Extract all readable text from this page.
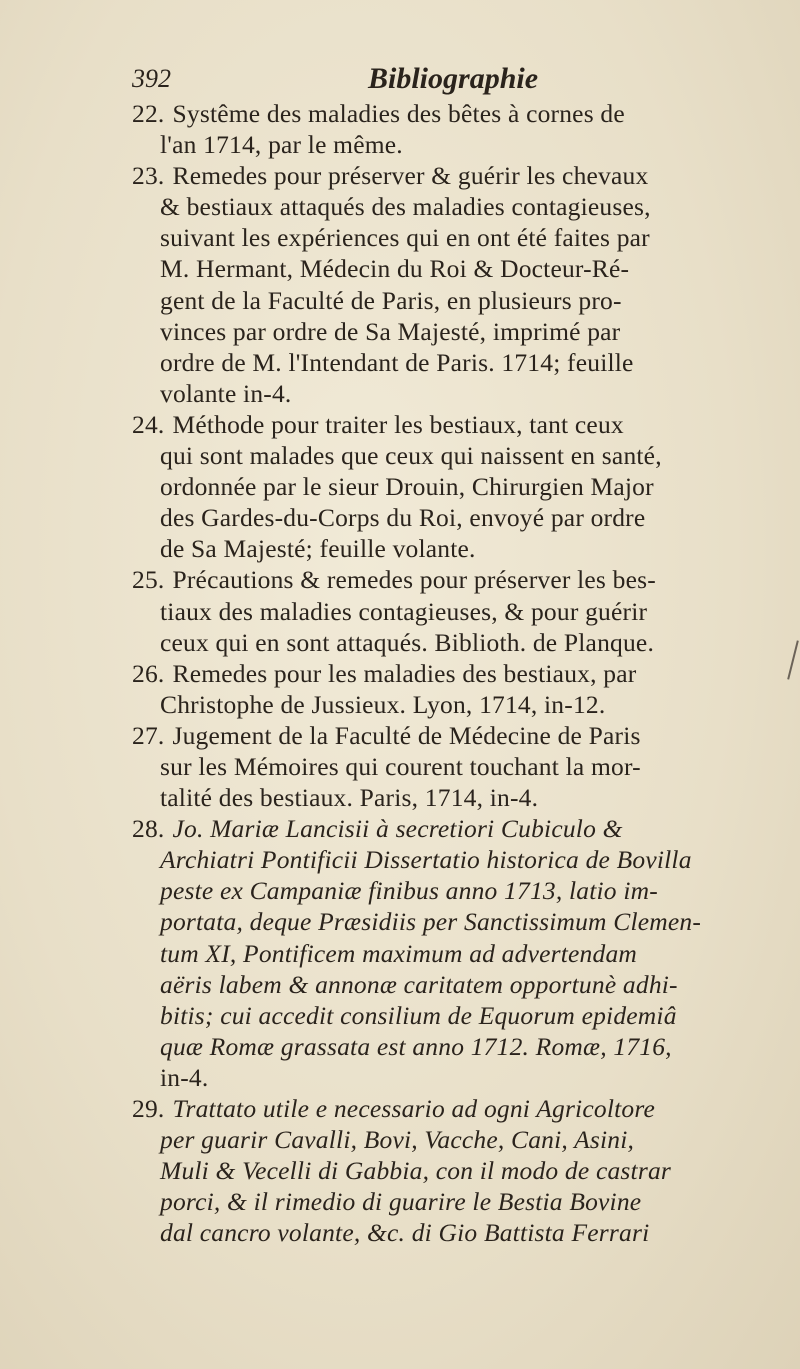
392	Bibliographie
22. Systême des maladies des bêtes à cornes de
l'an 1714, par le même.
23. Remedes pour préserver & guérir les chevaux
& bestiaux attaqués des maladies contagieuses,
suivant les expériences qui en ont été faites par
M. Hermant, Médecin du Roi & Docteur-Ré-
gent de la Faculté de Paris, en plusieurs pro-
vinces par ordre de Sa Majesté, imprimé par
ordre de M. l'Intendant de Paris. 1714; feuille
volante in-4.
24. Méthode pour traiter les bestiaux, tant ceux
qui sont malades que ceux qui naissent en santé,
ordonnée par le sieur Drouin, Chirurgien Major
des Gardes-du-Corps du Roi, envoyé par ordre
de Sa Majesté; feuille volante.
25. Précautions & remedes pour préserver les bes-
tiaux des maladies contagieuses, & pour guérir
ceux qui en sont attaqués. Biblioth. de Planque.
26. Remedes pour les maladies des bestiaux, par
Christophe de Jussieux. Lyon, 1714, in-12.
27. Jugement de la Faculté de Médecine de Paris
sur les Mémoires qui courent touchant la mor-
talité des bestiaux. Paris, 1714, in-4.
28. Jo. Mariæ Lancisii à secretiori Cubiculo &
Archiatri Pontificii Dissertatio historica de Bovilla
peste ex Campaniæ finibus anno 1713, latio im-
portata, deque Præsidiis per Sanctissimum Clemen-
tum XI, Pontificem maximum ad advertendam
aëris labem & annonæ caritatem opportunè adhi-
bitis; cui accedit consilium de Equorum epidemiâ
quæ Romæ grassata est anno 1712. Romæ, 1716,
in-4.
29. Trattato utile e necessario ad ogni Agricoltore
per guarir Cavalli, Bovi, Vacche, Cani, Asini,
Muli & Vecelli di Gabbia, con il modo de castrar
porci, & il rimedio di guarire le Bestia Bovine
dal cancro volante, &c. di Gio Battista Ferrari
